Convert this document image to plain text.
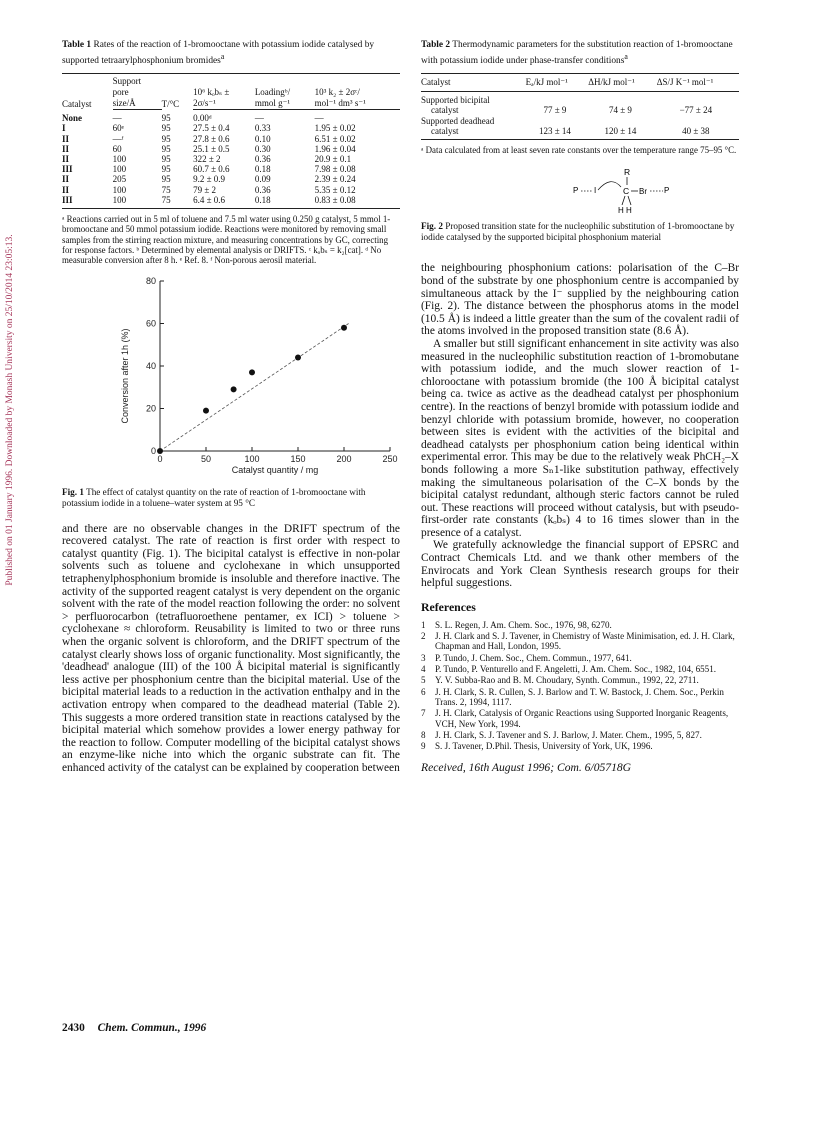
Published on 01 January 1996. Downloaded by Monash University on 25/10/2014 23:05:13.
Table 1 Rates of the reaction of 1-bromooctane with potassium iodide catalysed by supported tetraarylphosphonium bromides$^a$
Catalyst	Support	T/°C	10⁶ kₒbₛ ±	Loadingᵇ/	10³ k₂ ± 2σᶜ/
	pore				
	size/Å		2σ/s⁻¹	mmol g⁻¹	mol⁻¹ dm³ s⁻¹
None	—	95	0.00ᵈ	—	—
I	60ᵉ	95	27.5 ± 0.4	0.33	1.95 ± 0.02
II	—ᶠ	95	27.8 ± 0.6	0.10	6.51 ± 0.02
II	60	95	25.1 ± 0.5	0.30	1.96 ± 0.04
II	100	95	322 ± 2	0.36	20.9 ± 0.1
III	100	95	60.7 ± 0.6	0.18	7.98 ± 0.08
II	205	95	9.2 ± 0.9	0.09	2.39 ± 0.24
II	100	75	79 ± 2	0.36	5.35 ± 0.12
III	100	75	6.4 ± 0.6	0.18	0.83 ± 0.08
ᵃ Reactions carried out in 5 ml of toluene and 7.5 ml water using 0.250 g catalyst, 5 mmol 1-bromooctane and 50 mmol potassium iodide. Reactions were monitored by removing small samples from the stirring reaction mixture, and measuring concentrations by GC, correcting for response factors. ᵇ Determined by elemental analysis or DRIFTS. ᶜ kₒbₛ = k₂[cat]. ᵈ No measurable conversion after 8 h. ᵉ Ref. 8. ᶠ Non-porous aerosil material.
0
20
40
60
80
0	50	100	150	200	250
Catalyst quantity / mg
Conversion after 1h (%)
Fig. 1 The effect of catalyst quantity on the rate of reaction of 1-bromooctane with potassium iodide in a toluene–water system at 95 °C

and there are no observable changes in the DRIFT spectrum of the recovered catalyst. The rate of reaction is first order with respect to catalyst quantity (Fig. 1). The bicipital catalyst is effective in non-polar solvents such as toluene and cyclohexane in which unsupported tetraphenylphosphonium bromide is insoluble and therefore inactive. The activity of the supported reagent catalyst is very dependent on the organic solvent with the rate of the model reaction following the order: no solvent > perfluorocarbon (tetrafluoroethene pentamer, ex ICI) > toluene > cyclohexane ≈ chloroform. Reusability is limited to two or three runs when the organic solvent is chloroform, and the DRIFT spectrum of the catalyst clearly shows loss of organic functionality. Most significantly, the 'deadhead' analogue (III) of the 100 Å bicipital material is significantly less active per phosphonium centre than the bicipital material. Use of the bicipital material leads to a reduction in the activation enthalpy and in the activation entropy when compared to the deadhead material (Table 2). This suggests a more ordered transition state in reactions catalysed by the bicipital material which somehow provides a lower energy pathway for the reaction to follow. Computer modelling of the bicipital catalyst shows an enzyme-like niche into which the organic substrate can fit. The enhanced activity of the catalyst can be explained by cooperation between

Table 2 Thermodynamic parameters for the substitution reaction of 1-bromooctane with potassium iodide under phase-transfer conditions$^a$
Catalyst	Eₐ/kJ mol⁻¹	ΔH/kJ mol⁻¹	ΔS/J K⁻¹ mol⁻¹

Supported bicipital
catalyst	77 ± 9	74 ± 9	−77 ± 24

Supported deadhead
catalyst	123 ± 14	120 ± 14	40 ± 38
ᵃ Data calculated from at least seven rate constants over the temperature range 75–95 °C.
R
P I	C Br P
H H
Fig. 2 Proposed transition state for the nucleophilic substitution of 1-bromooctane by iodide catalysed by the supported bicipital phosphonium material

the neighbouring phosphonium cations: polarisation of the C–Br bond of the substrate by one phosphonium centre is accompanied by simultaneous attack by the I⁻ supplied by the neighbouring cation (Fig. 2). The distance between the phosphorus atoms in the model (10.5 Å) is indeed a little greater than the sum of the covalent radii of the atoms involved in the proposed transition state (8.6 Å).

A smaller but still significant enhancement in site activity was also measured in the nucleophilic substitution reaction of 1-bromobutane with potassium iodide, and the much slower reaction of 1-chlorooctane with potassium bromide (the 100 Å bicipital catalyst being ca. twice as active as the deadhead catalyst per phosphonium centre). In the reactions of benzyl bromide with potassium iodide and benzyl chloride with potassium bromide, however, no cooperation between sites is evident with the activities of the bicipital and deadhead catalysts per phosphonium cation being identical within experimental error. This may be due to the relatively weak PhCH₂–X bonds following a more Sₙ1-like substitution pathway, effectively making the simultaneous polarisation of the C–X bonds by the bicipital catalyst redundant, although steric factors cannot be ruled out. These reactions will proceed without catalysis, but with pseudo-first-order rate constants (kₒbₛ) 4 to 16 times slower than in the presence of a catalyst.

We gratefully acknowledge the financial support of EPSRC and Contract Chemicals Ltd. and we thank other members of the Envirocats and York Clean Synthesis research groups for their helpful suggestions.

References
1 S. L. Regen, J. Am. Chem. Soc., 1976, 98, 6270.
2 J. H. Clark and S. J. Tavener, in Chemistry of Waste Minimisation, ed. J. H. Clark, Chapman and Hall, London, 1995.
3 P. Tundo, J. Chem. Soc., Chem. Commun., 1977, 641.
4 P. Tundo, P. Venturello and F. Angeletti, J. Am. Chem. Soc., 1982, 104, 6551.
5 Y. V. Subba-Rao and B. M. Choudary, Synth. Commun., 1992, 22, 2711.
6 J. H. Clark, S. R. Cullen, S. J. Barlow and T. W. Bastock, J. Chem. Soc., Perkin Trans. 2, 1994, 1117.
7 J. H. Clark, Catalysis of Organic Reactions using Supported Inorganic Reagents, VCH, New York, 1994.
8 J. H. Clark, S. J. Tavener and S. J. Barlow, J. Mater. Chem., 1995, 5, 827.
9 S. J. Tavener, D.Phil. Thesis, University of York, UK, 1996.
Received, 16th August 1996; Com. 6/05718G
2430 Chem. Commun., 1996
